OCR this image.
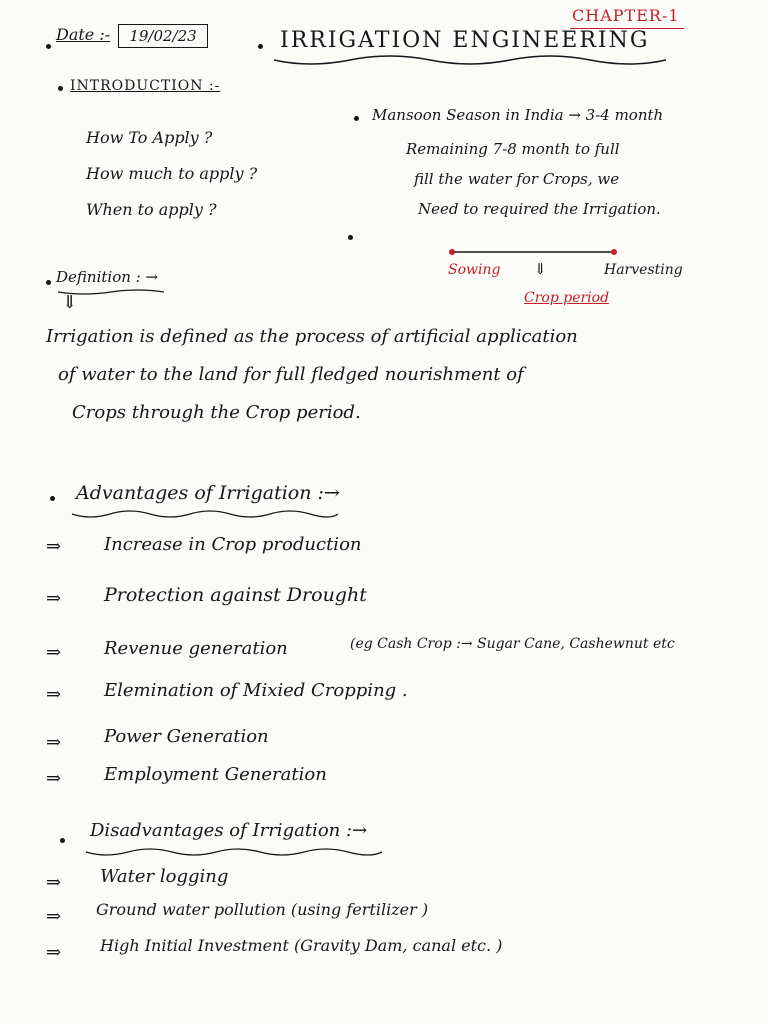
CHAPTER-1
Date :-	19/02/23	IRRIGATION ENGINEERING
INTRODUCTION :-
How To Apply ?
How much to apply ?
When to apply ?
Mansoon Season in India → 3-4 month
Remaining 7-8 month to full
fill the water for Crops, we
Need to required the Irrigation.
Sowing ⇓	Harvesting
Crop period
Definition : →
⇓
Irrigation is defined as the process of artificial application
of water to the land for full fledged nourishment of
Crops through the Crop period.
Advantages of Irrigation :→
⇒ Increase in Crop production
⇒ Protection against Drought
⇒ Revenue generation	(eg Cash Crop :→ Sugar Cane, Cashewnut etc
⇒ Elemination of Mixied Cropping .
⇒ Power Generation
⇒ Employment Generation
Disadvantages of Irrigation :→
⇒ Water logging
⇒ Ground water pollution (using fertilizer )
⇒ High Initial Investment (Gravity Dam, canal etc. )
